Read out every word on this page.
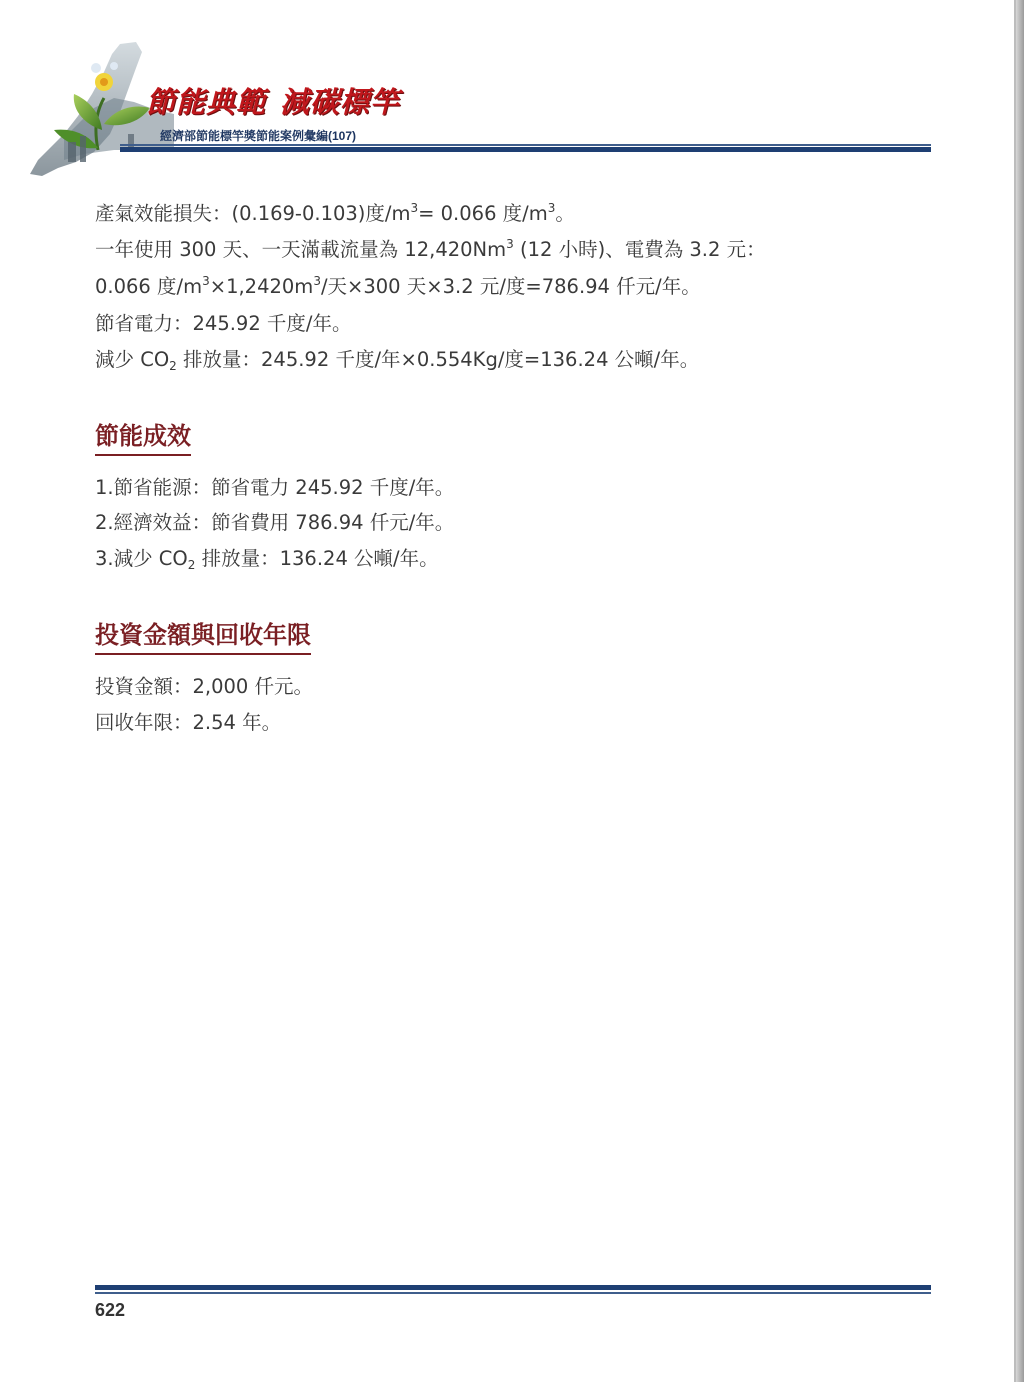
節能典範 減碳標竿
經濟部節能標竿獎節能案例彙編(107)
產氣效能損失：(0.169-0.103)度$/m^3= 0.066$ 度$/m^3$。
一年使用 300 天、一天滿載流量為 12,420Nm$^3$ (12 小時)、電費為 3.2 元：
0.066 度$/m^3\times 1,2420m^3/$天×300 天×3.2 元/度=786.94 仟元/年。
節省電力：245.92 千度/年。
減少 $CO_2$ 排放量：245.92 千度/年×0.554Kg/度=136.24 公噸/年。
節能成效
1.節省能源：節省電力 245.92 千度/年。
2.經濟效益：節省費用 786.94 仟元/年。
3.減少 $CO_2$ 排放量：136.24 公噸/年。
投資金額與回收年限
投資金額：2,000 仟元。
回收年限：2.54 年。
622
